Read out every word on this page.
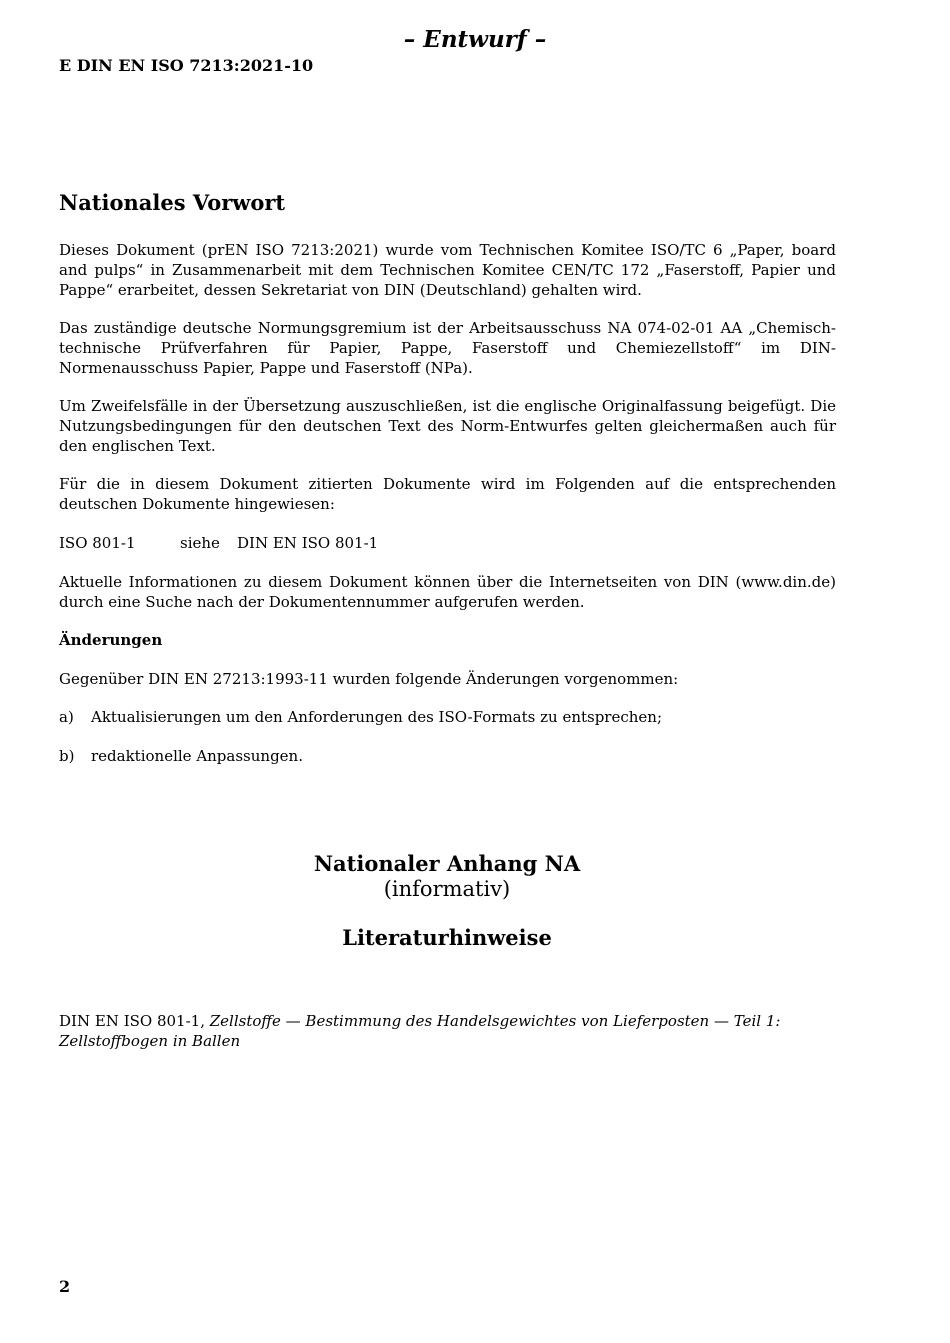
– Entwurf –
E DIN EN ISO 7213:2021-10
Nationales Vorwort
Dieses Dokument (prEN ISO 7213:2021) wurde vom Technischen Komitee ISO/TC 6 „Paper, board and pulps“ in Zusammenarbeit mit dem Technischen Komitee CEN/TC 172 „Faserstoff, Papier und Pappe“ erarbeitet, dessen Sekretariat von DIN (Deutschland) gehalten wird.
Das zuständige deutsche Normungsgremium ist der Arbeitsausschuss NA 074-02-01 AA „Chemisch-technische Prüfverfahren für Papier, Pappe, Faserstoff und Chemiezellstoff“ im DIN-Normenausschuss Papier, Pappe und Faserstoff (NPa).
Um Zweifelsfälle in der Übersetzung auszuschließen, ist die englische Originalfassung beigefügt. Die Nutzungsbedingungen für den deutschen Text des Norm-Entwurfes gelten gleichermaßen auch für den englischen Text.
Für die in diesem Dokument zitierten Dokumente wird im Folgenden auf die entsprechenden deutschen Dokumente hingewiesen:
ISO 801-1	siehe DIN EN ISO 801-1
Aktuelle Informationen zu diesem Dokument können über die Internetseiten von DIN (www.din.de) durch eine Suche nach der Dokumentennummer aufgerufen werden.
Änderungen
Gegenüber DIN EN 27213:1993-11 wurden folgende Änderungen vorgenommen:
a) Aktualisierungen um den Anforderungen des ISO-Formats zu entsprechen;
b) redaktionelle Anpassungen.
Nationaler Anhang NA
(informativ)
Literaturhinweise
DIN EN ISO 801-1, Zellstoffe — Bestimmung des Handelsgewichtes von Lieferposten — Teil 1: Zellstoffbogen in Ballen
2
